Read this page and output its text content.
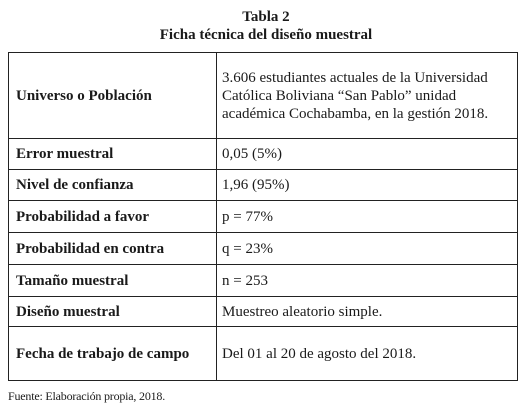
Tabla 2
Ficha técnica del diseño muestral
Universo o Población	3.606 estudiantes actuales de la Universidad Católica Boliviana “San Pablo” unidad académica Cochabamba, en la gestión 2018.
Error muestral	0,05 (5%)
Nivel de confianza	1,96 (95%)
Probabilidad a favor	p = 77%
Probabilidad en contra	q = 23%
Tamaño muestral	n = 253
Diseño muestral	Muestreo aleatorio simple.
Fecha de trabajo de campo	Del 01 al 20 de agosto del 2018.
Fuente: Elaboración propia, 2018.
